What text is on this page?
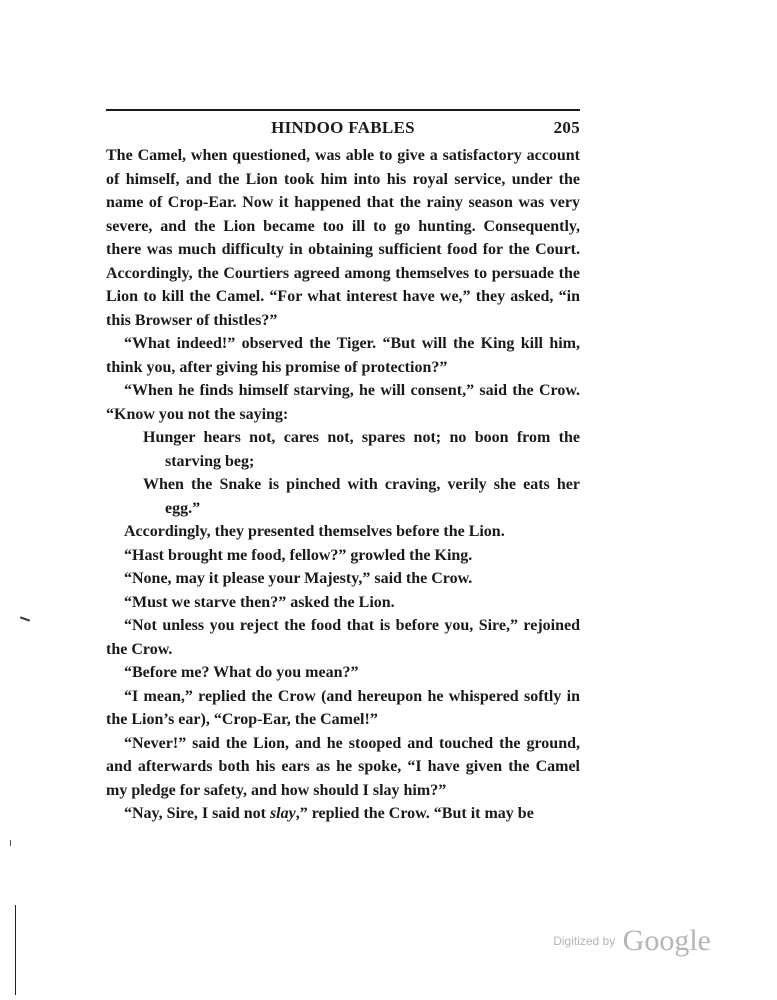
HINDOO FABLES	205

The Camel, when questioned, was able to give a satisfactory account of himself, and the Lion took him into his royal service, under the name of Crop-Ear. Now it happened that the rainy season was very severe, and the Lion became too ill to go hunting. Consequently, there was much difficulty in obtaining sufficient food for the Court. Accordingly, the Courtiers agreed among themselves to persuade the Lion to kill the Camel. “For what interest have we,” they asked, “in this Browser of thistles?”

“What indeed!” observed the Tiger. “But will the King kill him, think you, after giving his promise of protection?”

“When he finds himself starving, he will consent,” said the Crow. “Know you not the saying:

Hunger hears not, cares not, spares not; no boon from the starving beg;

When the Snake is pinched with craving, verily she eats her egg.”

Accordingly, they presented themselves before the Lion.

“Hast brought me food, fellow?” growled the King.

“None, may it please your Majesty,” said the Crow.

“Must we starve then?” asked the Lion.

“Not unless you reject the food that is before you, Sire,” rejoined the Crow.

“Before me? What do you mean?”

“I mean,” replied the Crow (and hereupon he whispered softly in the Lion’s ear), “Crop-Ear, the Camel!”

“Never!” said the Lion, and he stooped and touched the ground, and afterwards both his ears as he spoke, “I have given the Camel my pledge for safety, and how should I slay him?”

“Nay, Sire, I said not slay,” replied the Crow. “But it may be

Digitized by Google
